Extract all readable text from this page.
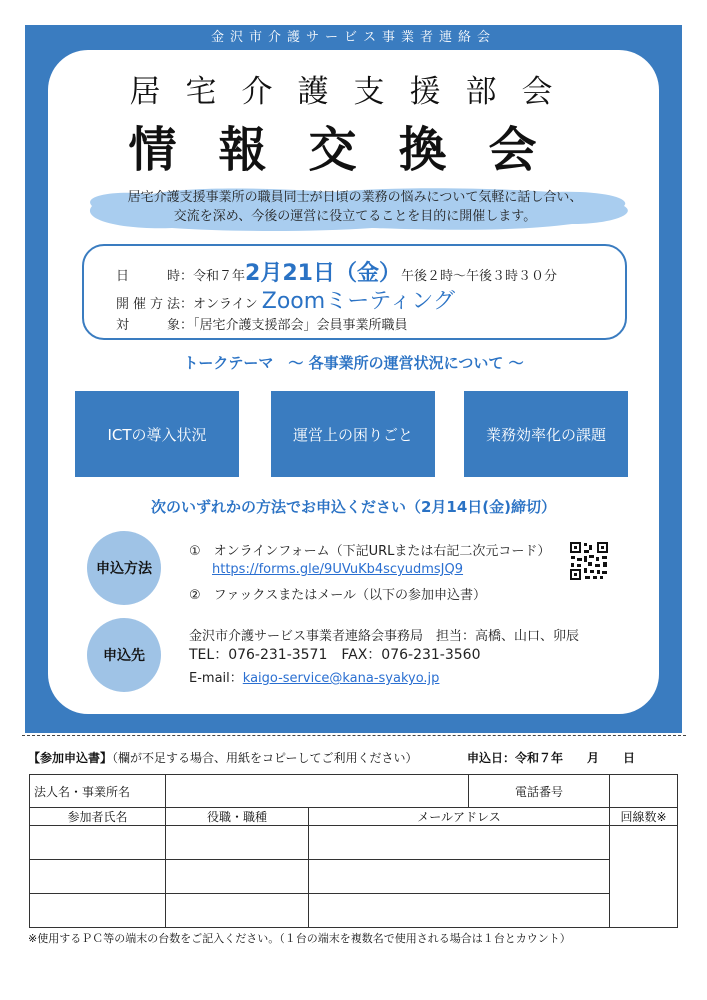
金沢市介護サービス事業者連絡会
居宅介護支援部会
情報交換会
居宅介護支援事業所の職員同士が日頃の業務の悩みについて気軽に話し合い、
交流を深め、今後の運営に役立てることを目的に開催します。
日時：令和７年2月21日（金）午後２時～午後３時３０分
開催方法：オンライン Zoomミーティング
対象：「居宅介護支援部会」会員事業所職員
トークテーマ　～ 各事業所の運営状況について ～
ICTの導入状況	運営上の困りごと	業務効率化の課題
次のいずれかの方法でお申込ください（2月14日(金)締切）
申込方法
①　オンラインフォーム（下記URLまたは右記二次元コード）
https://forms.gle/9UVuKb4scyudmsJQ9
②　ファックスまたはメール（以下の参加申込書）
申込先
金沢市介護サービス事業者連絡会事務局　担当：高橋、山口、卯辰
TEL：076-231-3571　FAX：076-231-3560
E-mail：kaigo-service@kana-syakyo.jp
【参加申込書】（欄が不足する場合、用紙をコピーしてご利用ください）	申込日：令和７年　　月　　日
法人名・事業所名			電話番号	
参加者氏名	役職・職種	メールアドレス		回線数※

※使用するＰＣ等の端末の台数をご記入ください。（１台の端末を複数名で使用される場合は１台とカウント）
